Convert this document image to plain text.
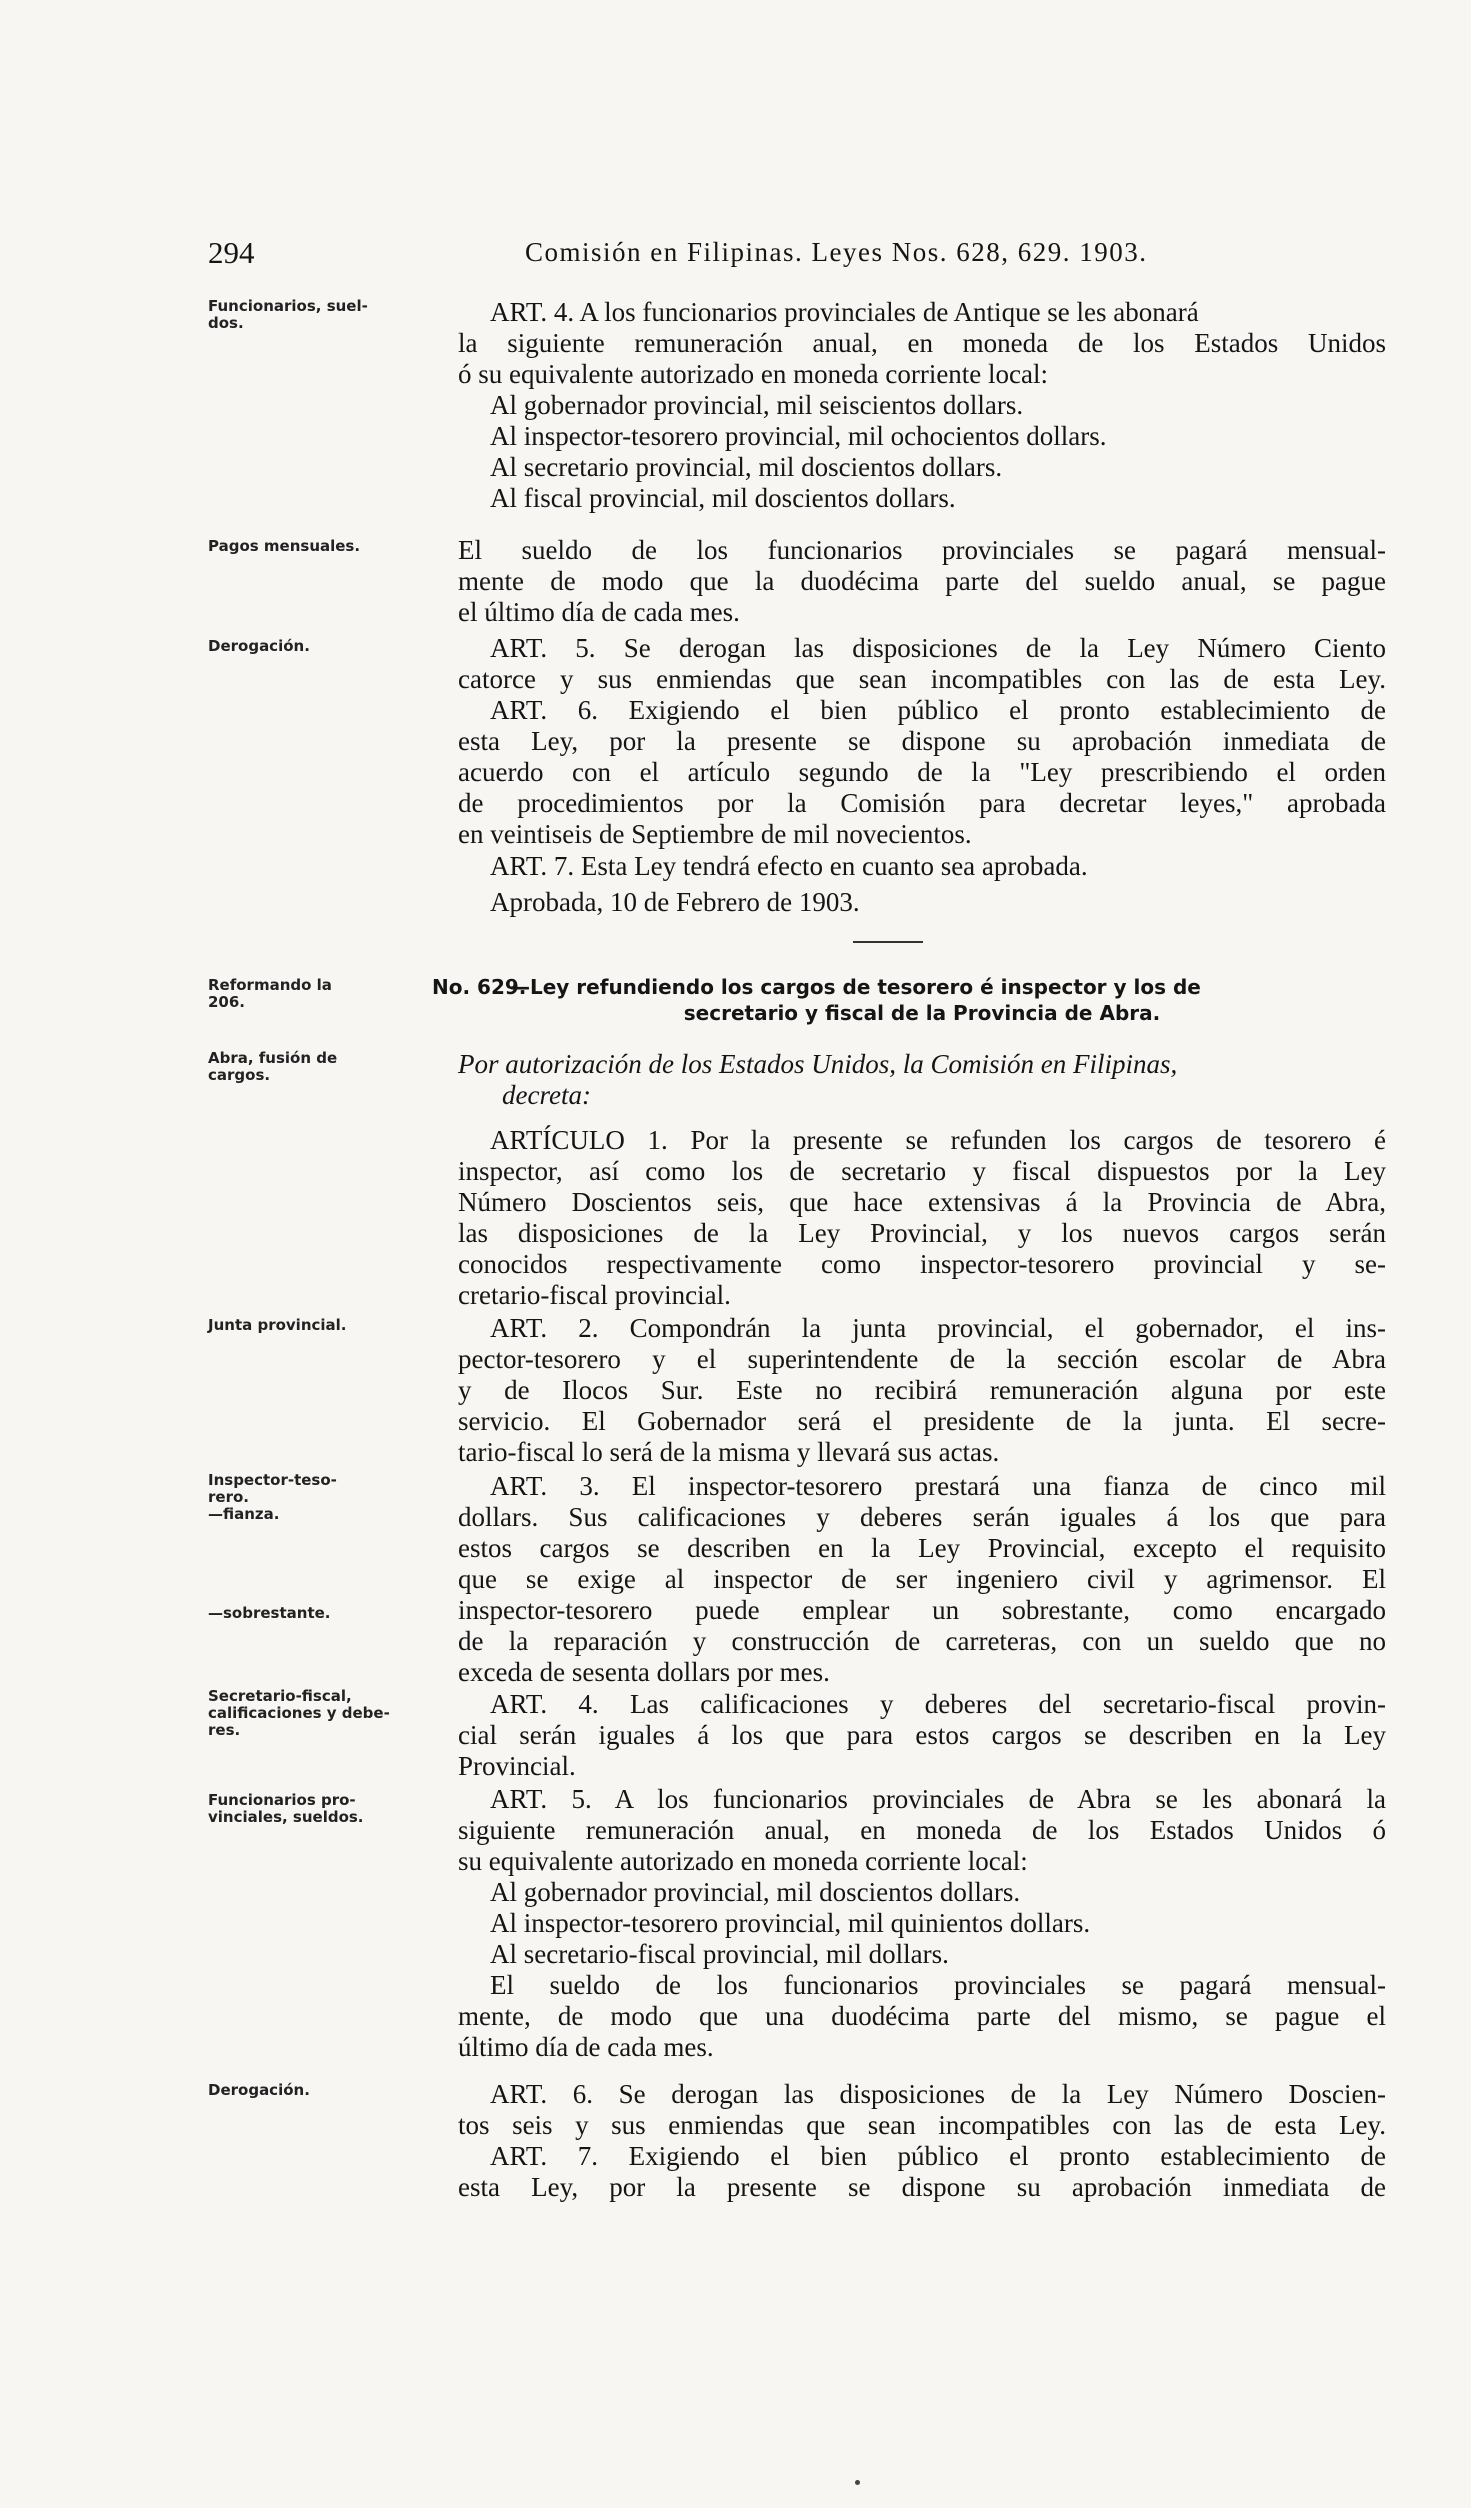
294	Comisión en Filipinas. Leyes Nos. 628, 629. 1903.
Funcionarios, suel-
dos.
Pagos mensuales.
Derogación.
Reformando la
206.
Abra, fusión de
cargos.
Junta provincial.
Inspector-teso-
rero.
—fianza.
—sobrestante.
Secretario-fiscal,
calificaciones y debe-
res.
Funcionarios pro-
vinciales, sueldos.
Derogación.
ART. 4. A los funcionarios provinciales de Antique se les abonará
la siguiente remuneración anual, en moneda de los Estados Unidos
ó su equivalente autorizado en moneda corriente local:
Al gobernador provincial, mil seiscientos dollars.
Al inspector-tesorero provincial, mil ochocientos dollars.
Al secretario provincial, mil doscientos dollars.
Al fiscal provincial, mil doscientos dollars.
El sueldo de los funcionarios provinciales se pagará mensual-
mente de modo que la duodécima parte del sueldo anual, se pague
el último día de cada mes.
ART. 5. Se derogan las disposiciones de la Ley Número Ciento
catorce y sus enmiendas que sean incompatibles con las de esta Ley.
ART. 6. Exigiendo el bien público el pronto establecimiento de
esta Ley, por la presente se dispone su aprobación inmediata de
acuerdo con el artículo segundo de la "Ley prescribiendo el orden
de procedimientos por la Comisión para decretar leyes," aprobada
en veintiseis de Septiembre de mil novecientos.
ART. 7. Esta Ley tendrá efecto en cuanto sea aprobada.
Aprobada, 10 de Febrero de 1903.
No. 629.
—Ley refundiendo los cargos de tesorero é inspector y los de
secretario y fiscal de la Provincia de Abra.
Por autorización de los Estados Unidos, la Comisión en Filipinas,
decreta:
ARTÍCULO 1. Por la presente se refunden los cargos de tesorero é
inspector, así como los de secretario y fiscal dispuestos por la Ley
Número Doscientos seis, que hace extensivas á la Provincia de Abra,
las disposiciones de la Ley Provincial, y los nuevos cargos serán
conocidos respectivamente como inspector-tesorero provincial y se-
cretario-fiscal provincial.
ART. 2. Compondrán la junta provincial, el gobernador, el ins-
pector-tesorero y el superintendente de la sección escolar de Abra
y de Ilocos Sur. Este no recibirá remuneración alguna por este
servicio. El Gobernador será el presidente de la junta. El secre-
tario-fiscal lo será de la misma y llevará sus actas.
ART. 3. El inspector-tesorero prestará una fianza de cinco mil
dollars. Sus calificaciones y deberes serán iguales á los que para
estos cargos se describen en la Ley Provincial, excepto el requisito
que se exige al inspector de ser ingeniero civil y agrimensor. El
inspector-tesorero puede emplear un sobrestante, como encargado
de la reparación y construcción de carreteras, con un sueldo que no
exceda de sesenta dollars por mes.
ART. 4. Las calificaciones y deberes del secretario-fiscal provin-
cial serán iguales á los que para estos cargos se describen en la Ley
Provincial.
ART. 5. A los funcionarios provinciales de Abra se les abonará la
siguiente remuneración anual, en moneda de los Estados Unidos ó
su equivalente autorizado en moneda corriente local:
Al gobernador provincial, mil doscientos dollars.
Al inspector-tesorero provincial, mil quinientos dollars.
Al secretario-fiscal provincial, mil dollars.
El sueldo de los funcionarios provinciales se pagará mensual-
mente, de modo que una duodécima parte del mismo, se pague el
último día de cada mes.
ART. 6. Se derogan las disposiciones de la Ley Número Doscien-
tos seis y sus enmiendas que sean incompatibles con las de esta Ley.
ART. 7. Exigiendo el bien público el pronto establecimiento de
esta Ley, por la presente se dispone su aprobación inmediata de
